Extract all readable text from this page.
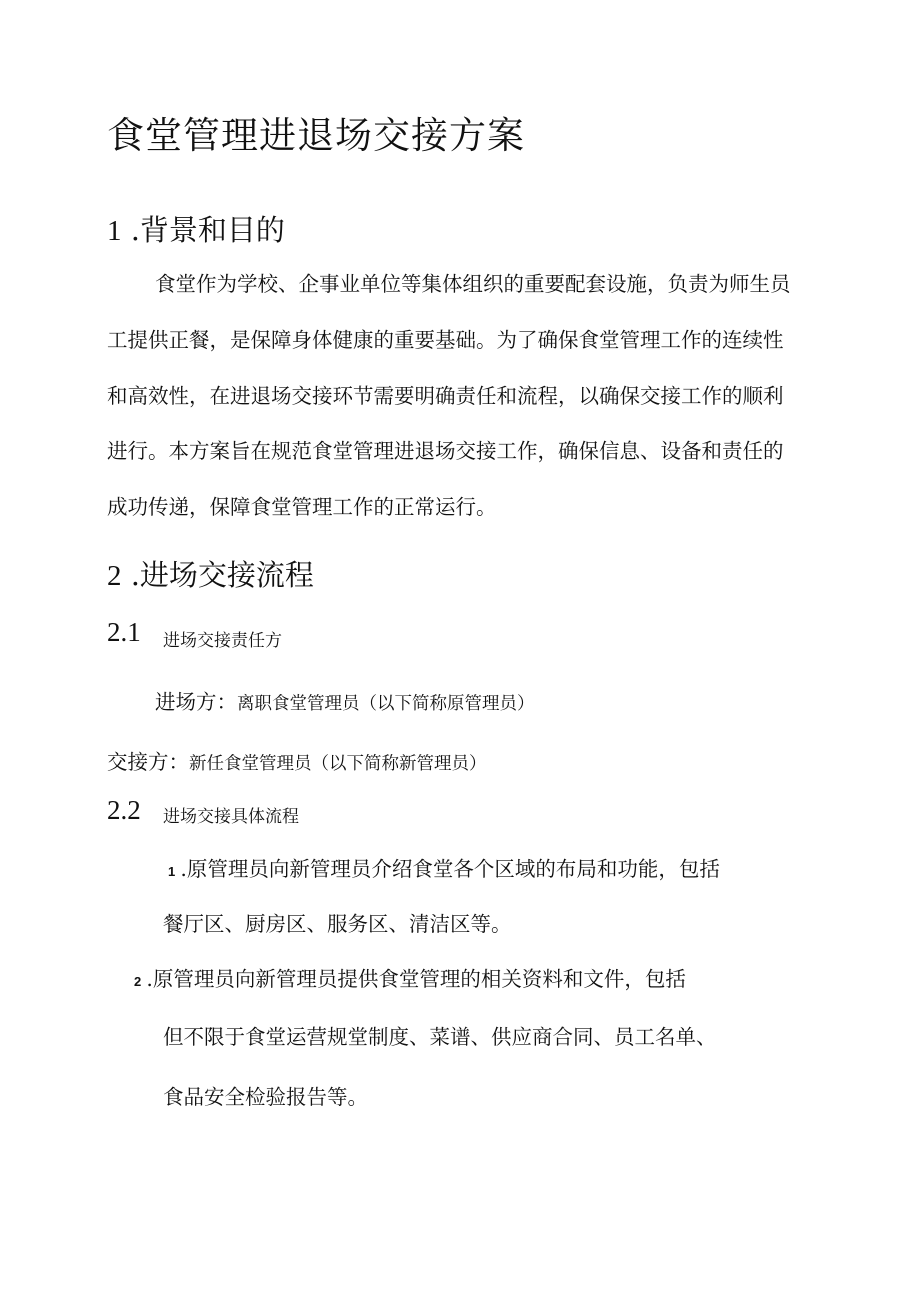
食堂管理进退场交接方案
1 .背景和目的
食堂作为学校、企事业单位等集体组织的重要配套设施，负责为师生员
工提供正餐，是保障身体健康的重要基础。为了确保食堂管理工作的连续性
和高效性，在进退场交接环节需要明确责任和流程，以确保交接工作的顺利
进行。本方案旨在规范食堂管理进退场交接工作，确保信息、设备和责任的
成功传递，保障食堂管理工作的正常运行。
2 .进场交接流程
2.1 进场交接责任方
进场方：离职食堂管理员（以下简称原管理员）
交接方：新任食堂管理员（以下简称新管理员）
2.2 进场交接具体流程
1 .原管理员向新管理员介绍食堂各个区域的布局和功能，包括
餐厅区、厨房区、服务区、清洁区等。
2 .原管理员向新管理员提供食堂管理的相关资料和文件，包括
但不限于食堂运营规堂制度、菜谱、供应商合同、员工名单、
食品安全检验报告等。
